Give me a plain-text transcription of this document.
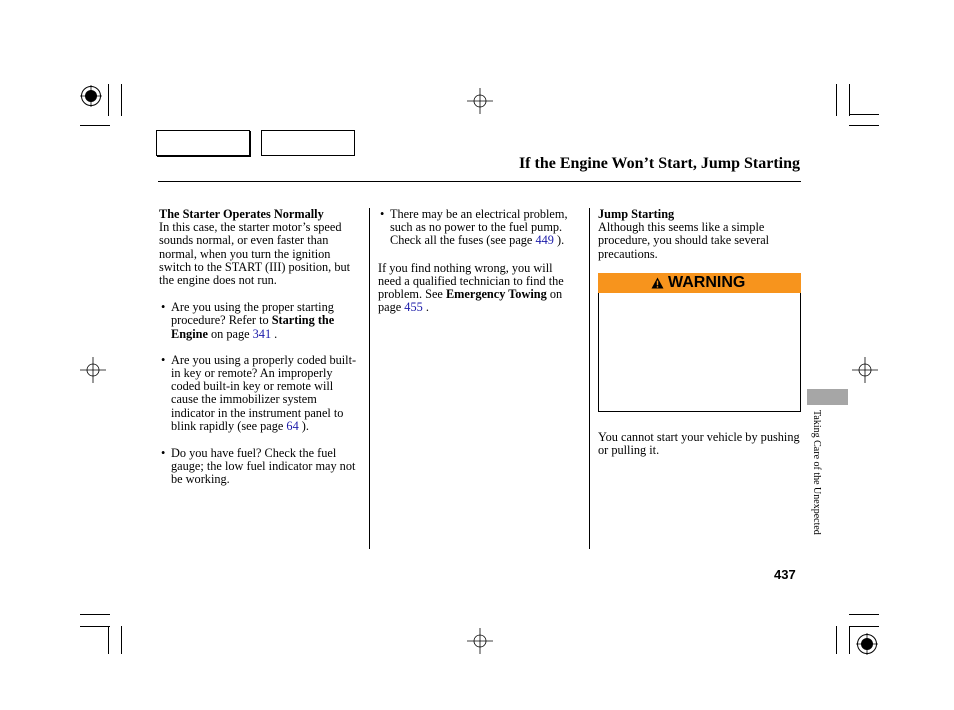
If the Engine Won’t Start, Jump Starting

The Starter Operates Normally

In this case, the starter motor’s speed sounds normal, or even faster than normal, when you turn the ignition switch to the START (III) position, but the engine does not run.

• Are you using the proper starting procedure? Refer to Starting the Engine on page 341 .

• Are you using a properly coded built-in key or remote? An improperly coded built-in key or remote will cause the immobilizer system indicator in the instrument panel to blink rapidly (see page 64 ).

• Do you have fuel? Check the fuel gauge; the low fuel indicator may not be working.

• There may be an electrical problem, such as no power to the fuel pump. Check all the fuses (see page 449 ).

If you find nothing wrong, you will need a qualified technician to find the problem. See Emergency Towing on page 455 .

Jump Starting

Although this seems like a simple procedure, you should take several precautions.

WARNING
You cannot start your vehicle by pushing or pulling it.	Taking Care of the Unexpected
437
